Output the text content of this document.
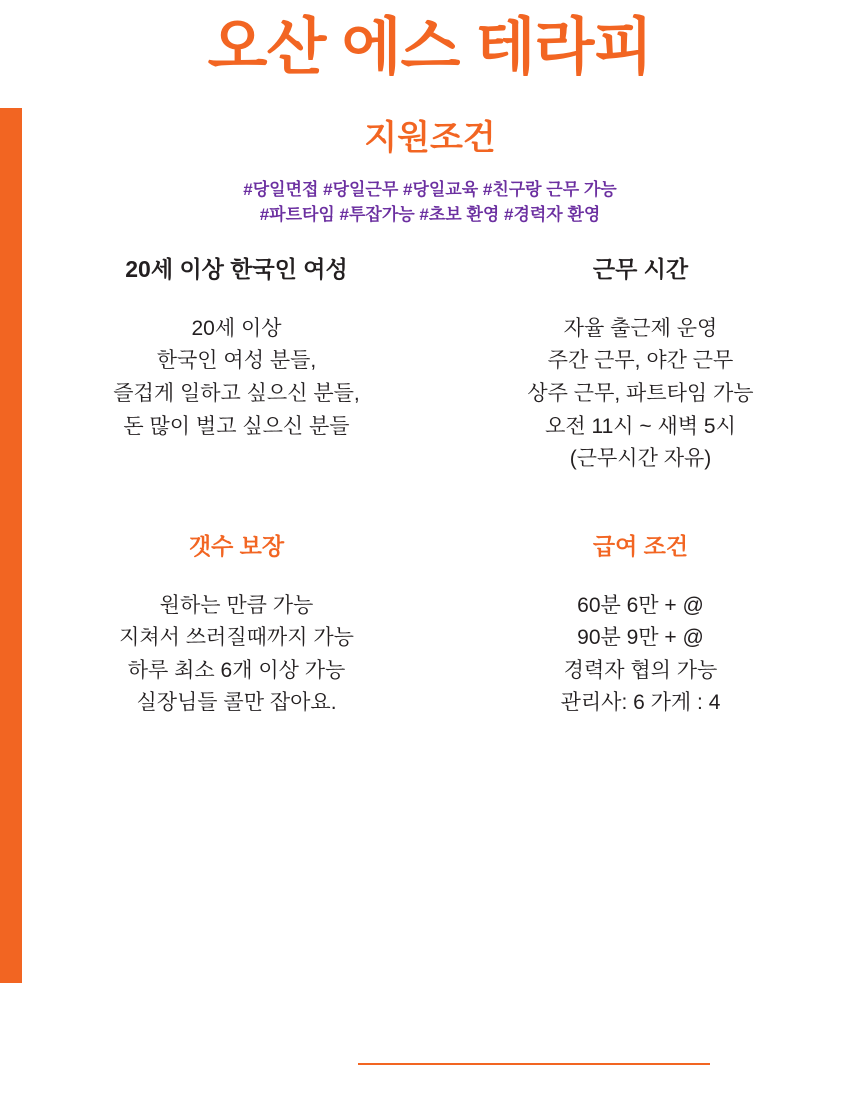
오산 에스 테라피
지원조건
#당일면접 #당일근무 #당일교육 #친구랑 근무 가능
#파트타임 #투잡가능 #초보 환영 #경력자 환영
20세 이상 한국인 여성
20세 이상
한국인 여성 분들,
즐겁게 일하고 싶으신 분들,
돈 많이 벌고 싶으신 분들
근무 시간
자율 출근제 운영
주간 근무, 야간 근무
상주 근무, 파트타임 가능
오전 11시 ~ 새벽 5시
(근무시간 자유)
갯수 보장
원하는 만큼 가능
지쳐서 쓰러질때까지 가능
하루 최소 6개 이상 가능
실장님들 콜만 잡아요.
급여 조건
60분 6만 + @
90분 9만 + @
경력자 협의 가능
관리사: 6 가게 : 4
